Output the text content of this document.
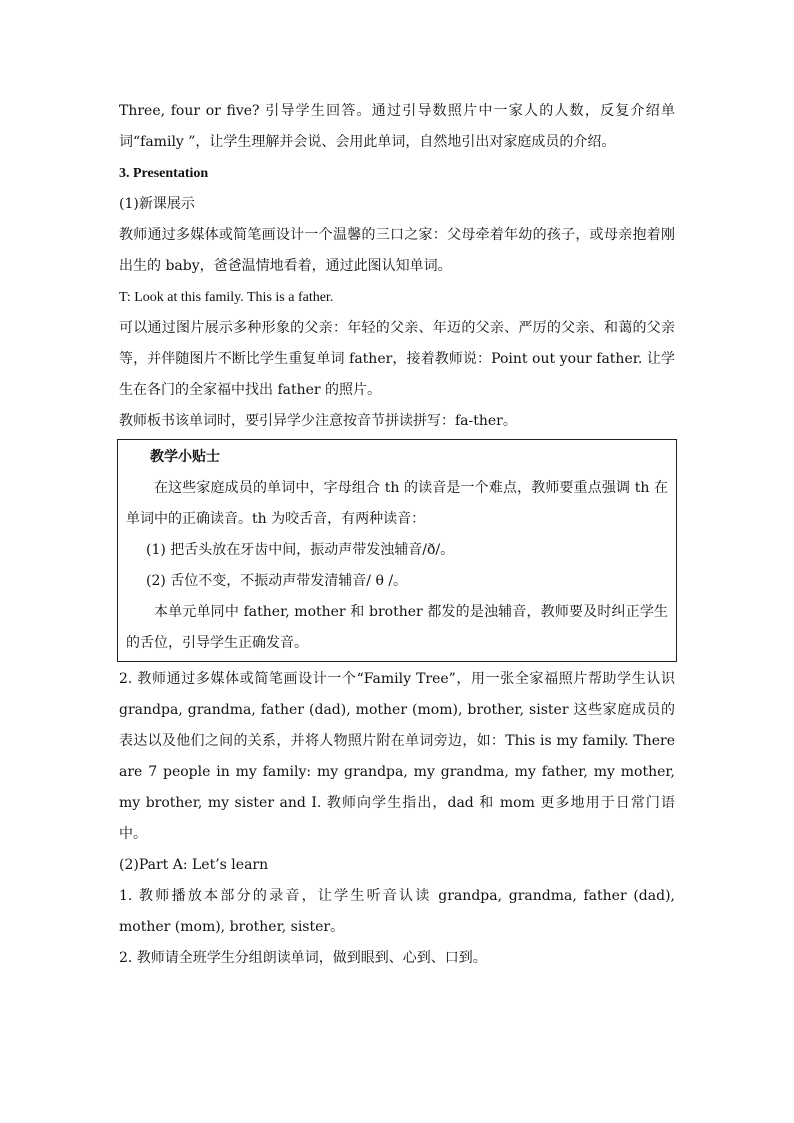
Three, four or five? 引导学生回答。通过引导数照片中一家人的人数，反复介绍单词“family ”，让学生理解并会说、会用此单词，自然地引出对家庭成员的介绍。

3. Presentation

(1)新课展示

教师通过多媒体或简笔画设计一个温馨的三口之家：父母牵着年幼的孩子，或母亲抱着刚出生的 baby，爸爸温情地看着，通过此图认知单词。

T: Look at this family. This is a father.

可以通过图片展示多种形象的父亲：年轻的父亲、年迈的父亲、严厉的父亲、和蔼的父亲等，并伴随图片不断比学生重复单词 father，接着教师说：Point out your father. 让学生在各门的全家福中找出 father 的照片。

教师板书该单词时，要引异学少注意按音节拼读拼写：fa-ther。

教学小贴士

在这些家庭成员的单词中，字母组合 th 的读音是一个难点，教师要重点强调 th 在单词中的正确读音。th 为咬舌音，有两种读音：

(1) 把舌头放在牙齿中间，振动声带发浊辅音/ð/。

(2) 舌位不变，不振动声带发清辅音/ θ /。

本单元单同中 father, mother 和 brother 都发的是浊辅音，教师要及时纠正学生的舌位，引导学生正确发音。

2. 教师通过多媒体或简笔画设计一个“Family Tree”，用一张全家福照片帮助学生认识 grandpa, grandma, father (dad), mother (mom), brother, sister 这些家庭成员的表达以及他们之间的关系，并将人物照片附在单词旁边，如：This is my family. There are 7 people in my family: my grandpa, my grandma, my father, my mother, my brother, my sister and I. 教师向学生指出，dad 和 mom 更多地用于日常门语中。

(2)Part A: Let’s learn

1. 教师播放本部分的录音，让学生听音认读 grandpa, grandma, father (dad), mother (mom), brother, sister。

2. 教师请全班学生分组朗读单词，做到眼到、心到、口到。
